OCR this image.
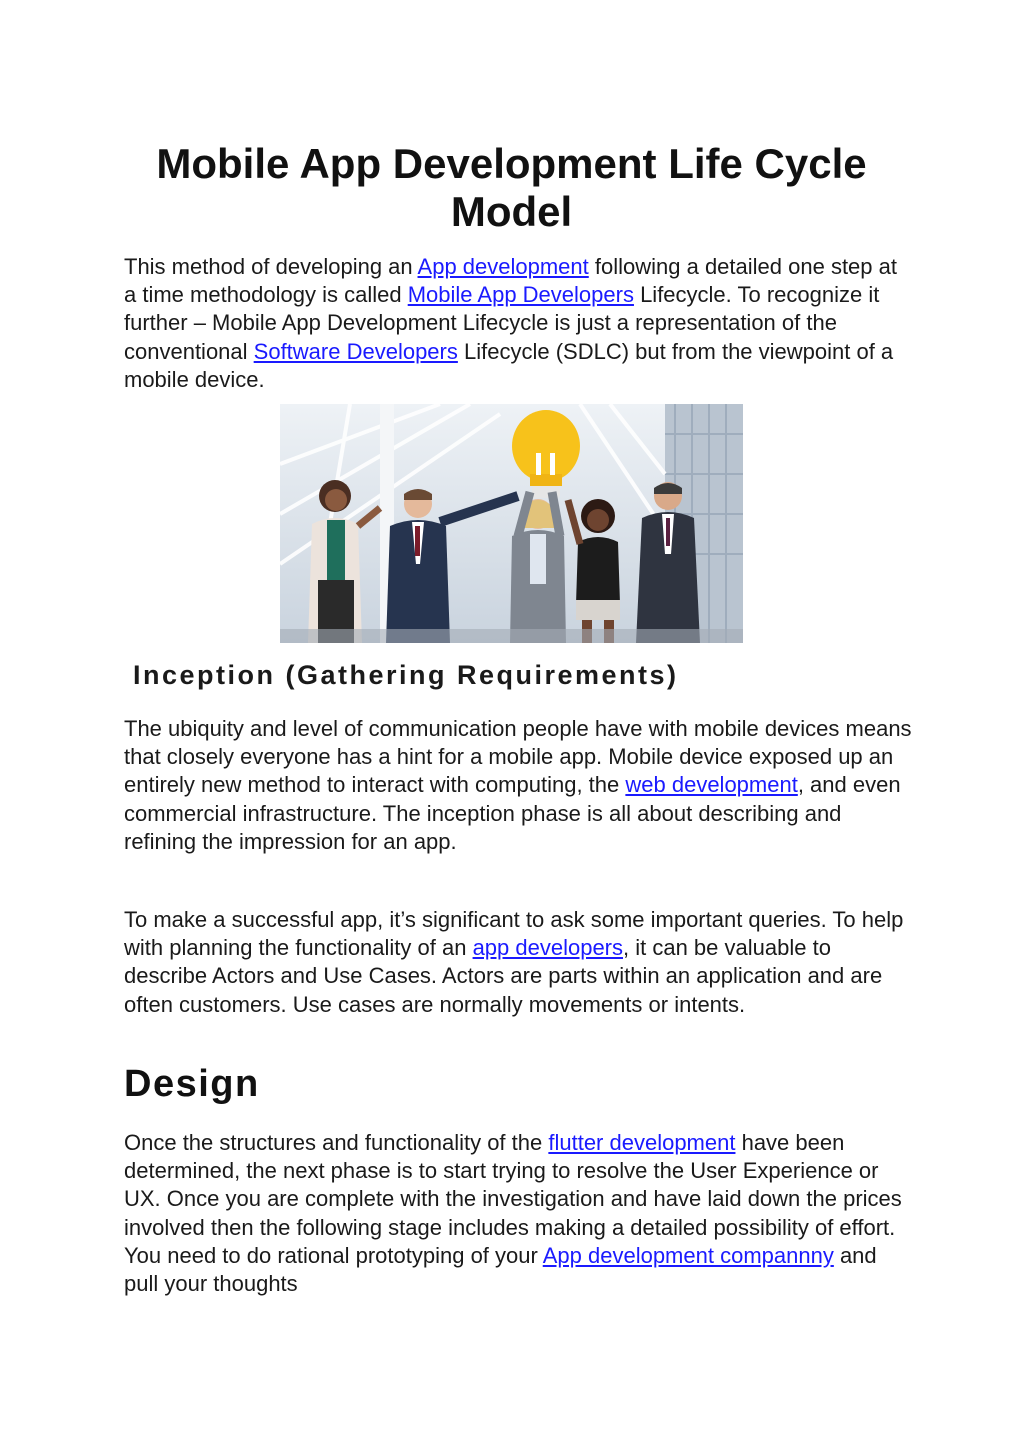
Mobile App Development Life Cycle Model

This method of developing an App development following a detailed one step at a time methodology is called Mobile App Developers Lifecycle. To recognize it further – Mobile App Development Lifecycle is just a representation of the conventional Software Developers Lifecycle (SDLC) but from the viewpoint of a mobile device.

Inception (Gathering Requirements)

The ubiquity and level of communication people have with mobile devices means that closely everyone has a hint for a mobile app. Mobile device exposed up an entirely new method to interact with computing, the web development, and even commercial infrastructure. The inception phase is all about describing and refining the impression for an app.

To make a successful app, it’s significant to ask some important queries. To help with planning the functionality of an app developers, it can be valuable to describe Actors and Use Cases. Actors are parts within an application and are often customers. Use cases are normally movements or intents.

Design

Once the structures and functionality of the flutter development have been determined, the next phase is to start trying to resolve the User Experience or UX. Once you are complete with the investigation and have laid down the prices involved then the following stage includes making a detailed possibility of effort. You need to do rational prototyping of your App development compannny and pull your thoughts
